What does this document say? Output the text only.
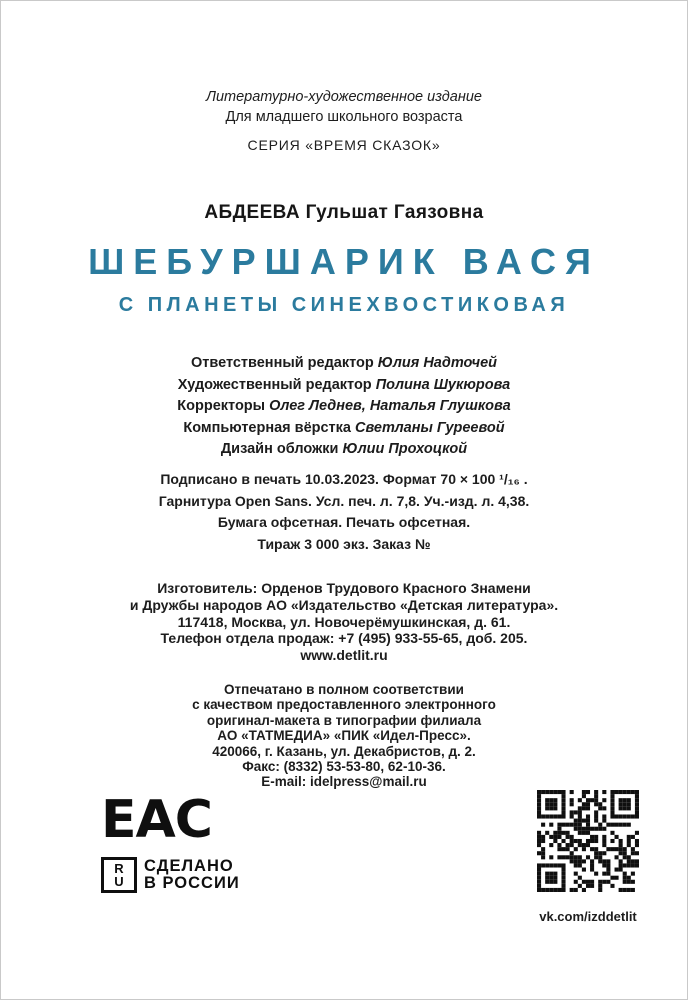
Литературно-художественное издание
Для младшего школьного возраста
СЕРИЯ «ВРЕМЯ СКАЗОК»
АБДЕЕВА Гульшат Гаязовна
ШЕБУРШАРИК ВАСЯ
С ПЛАНЕТЫ СИНЕХВОСТИКОВАЯ
Ответственный редактор Юлия Надточей
Художественный редактор Полина Шукюрова
Корректоры Олег Леднев, Наталья Глушкова
Компьютерная вёрстка Светланы Гуреевой
Дизайн обложки Юлии Прохоцкой
Подписано в печать 10.03.2023. Формат 70 × 100 ¹/₁₆ .
Гарнитура Open Sans. Усл. печ. л. 7,8. Уч.-изд. л. 4,38.
Бумага офсетная. Печать офсетная.
Тираж 3 000 экз. Заказ №
Изготовитель: Орденов Трудового Красного Знамени
и Дружбы народов АО «Издательство «Детская литература».
117418, Москва, ул. Новочерёмушкинская, д. 61.
Телефон отдела продаж: +7 (495) 933-55-65, доб. 205.
www.detlit.ru
Отпечатано в полном соответствии
с качеством предоставленного электронного
оригинал-макета в типографии филиала
АО «ТАТМЕДИА» «ПИК «Идел-Пресс».
420066, г. Казань, ул. Декабристов, д. 2.
Факс: (8332) 53-53-80, 62-10-36.
E-mail: idelpress@mail.ru
EAC
R
U
СДЕЛАНО
В РОССИИ
vk.com/izddetlit
